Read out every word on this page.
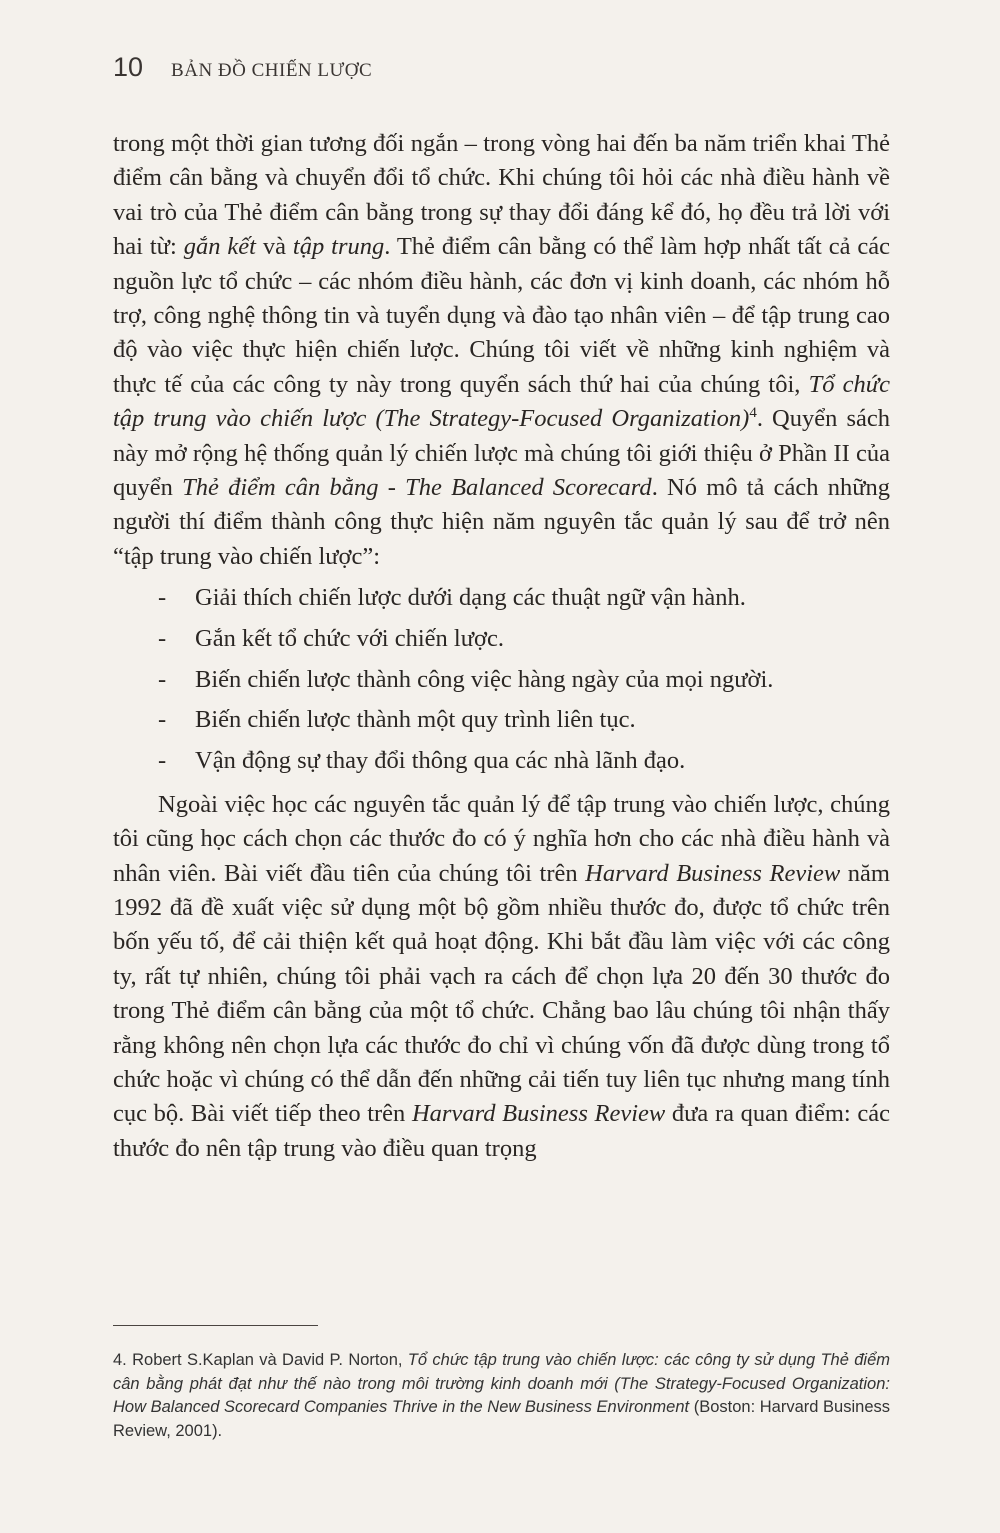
10 BẢN ĐỒ CHIẾN LƯỢC

trong một thời gian tương đối ngắn – trong vòng hai đến ba năm triển khai Thẻ điểm cân bằng và chuyển đổi tổ chức. Khi chúng tôi hỏi các nhà điều hành về vai trò của Thẻ điểm cân bằng trong sự thay đổi đáng kể đó, họ đều trả lời với hai từ: gắn kết và tập trung. Thẻ điểm cân bằng có thể làm hợp nhất tất cả các nguồn lực tổ chức – các nhóm điều hành, các đơn vị kinh doanh, các nhóm hỗ trợ, công nghệ thông tin và tuyển dụng và đào tạo nhân viên – để tập trung cao độ vào việc thực hiện chiến lược. Chúng tôi viết về những kinh nghiệm và thực tế của các công ty này trong quyển sách thứ hai của chúng tôi, Tổ chức tập trung vào chiến lược (The Strategy-Focused Organization)$^4$. Quyển sách này mở rộng hệ thống quản lý chiến lược mà chúng tôi giới thiệu ở Phần II của quyển Thẻ điểm cân bằng - The Balanced Scorecard. Nó mô tả cách những người thí điểm thành công thực hiện năm nguyên tắc quản lý sau để trở nên “tập trung vào chiến lược”:

- Giải thích chiến lược dưới dạng các thuật ngữ vận hành.
- Gắn kết tổ chức với chiến lược.
- Biến chiến lược thành công việc hàng ngày của mọi người.
- Biến chiến lược thành một quy trình liên tục.
- Vận động sự thay đổi thông qua các nhà lãnh đạo.

Ngoài việc học các nguyên tắc quản lý để tập trung vào chiến lược, chúng tôi cũng học cách chọn các thước đo có ý nghĩa hơn cho các nhà điều hành và nhân viên. Bài viết đầu tiên của chúng tôi trên Harvard Business Review năm 1992 đã đề xuất việc sử dụng một bộ gồm nhiều thước đo, được tổ chức trên bốn yếu tố, để cải thiện kết quả hoạt động. Khi bắt đầu làm việc với các công ty, rất tự nhiên, chúng tôi phải vạch ra cách để chọn lựa 20 đến 30 thước đo trong Thẻ điểm cân bằng của một tổ chức. Chẳng bao lâu chúng tôi nhận thấy rằng không nên chọn lựa các thước đo chỉ vì chúng vốn đã được dùng trong tổ chức hoặc vì chúng có thể dẫn đến những cải tiến tuy liên tục nhưng mang tính cục bộ. Bài viết tiếp theo trên Harvard Business Review đưa ra quan điểm: các thước đo nên tập trung vào điều quan trọng

4. Robert S.Kaplan và David P. Norton, Tổ chức tập trung vào chiến lược: các công ty sử dụng Thẻ điểm cân bằng phát đạt như thế nào trong môi trường kinh doanh mới (The Strategy-Focused Organization: How Balanced Scorecard Companies Thrive in the New Business Environment (Boston: Harvard Business Review, 2001).
